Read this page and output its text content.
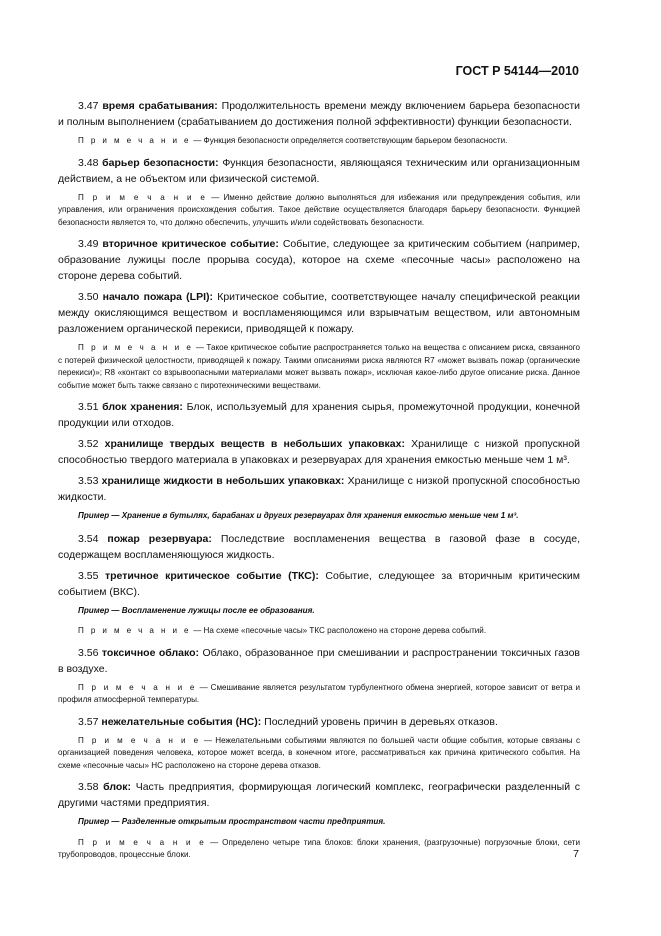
ГОСТ Р 54144—2010

3.47 время срабатывания: Продолжительность времени между включением барьера безопасности и полным выполнением (срабатыванием до достижения полной эффективности) функции безопасности.

П р и м е ч а н и е — Функция безопасности определяется соответствующим барьером безопасности.

3.48 барьер безопасности: Функция безопасности, являющаяся техническим или организационным действием, а не объектом или физической системой.

П р и м е ч а н и е — Именно действие должно выполняться для избежания или предупреждения события, или управления, или ограничения происхождения события. Такое действие осуществляется благодаря барьеру безопасности. Функцией безопасности является то, что должно обеспечить, улучшить и/или содействовать безопасности.

3.49 вторичное критическое событие: Событие, следующее за критическим событием (например, образование лужицы после прорыва сосуда), которое на схеме «песочные часы» расположено на стороне дерева событий.

3.50 начало пожара (LPI): Критическое событие, соответствующее началу специфической реакции между окисляющимся веществом и воспламеняющимся или взрывчатым веществом, или автономным разложением органической перекиси, приводящей к пожару.

П р и м е ч а н и е — Такое критическое событие распространяется только на вещества с описанием риска, связанного с потерей физической целостности, приводящей к пожару. Такими описаниями риска являются R7 «может вызвать пожар (органические перекиси)»; R8 «контакт со взрывоопасными материалами может вызвать пожар», исключая какое-либо другое описание риска. Данное событие может быть также связано с пиротехническими веществами.

3.51 блок хранения: Блок, используемый для хранения сырья, промежуточной продукции, конечной продукции или отходов.

3.52 хранилище твердых веществ в небольших упаковках: Хранилище с низкой пропускной способностью твердого материала в упаковках и резервуарах для хранения емкостью меньше чем 1 м³.

3.53 хранилище жидкости в небольших упаковках: Хранилище с низкой пропускной способностью жидкости.

Пример — Хранение в бутылях, барабанах и других резервуарах для хранения емкостью меньше чем 1 м³.

3.54 пожар резервуара: Последствие воспламенения вещества в газовой фазе в сосуде, содержащем воспламеняющуюся жидкость.

3.55 третичное критическое событие (ТКС): Событие, следующее за вторичным критическим событием (ВКС).

Пример — Воспламенение лужицы после ее образования.

П р и м е ч а н и е — На схеме «песочные часы» ТКС расположено на стороне дерева событий.

3.56 токсичное облако: Облако, образованное при смешивании и распространении токсичных газов в воздухе.

П р и м е ч а н и е — Смешивание является результатом турбулентного обмена энергией, которое зависит от ветра и профиля атмосферной температуры.

3.57 нежелательные события (НС): Последний уровень причин в деревьях отказов.

П р и м е ч а н и е — Нежелательными событиями являются по большей части общие события, которые связаны с организацией поведения человека, которое может всегда, в конечном итоге, рассматриваться как причина критического события. На схеме «песочные часы» НС расположено на стороне дерева отказов.

3.58 блок: Часть предприятия, формирующая логический комплекс, географически разделенный с другими частями предприятия.

Пример — Разделенные открытым пространством части предприятия.

П р и м е ч а н и е — Определено четыре типа блоков: блоки хранения, (разгрузочные) погрузочные блоки, сети трубопроводов, процессные блоки.	7
